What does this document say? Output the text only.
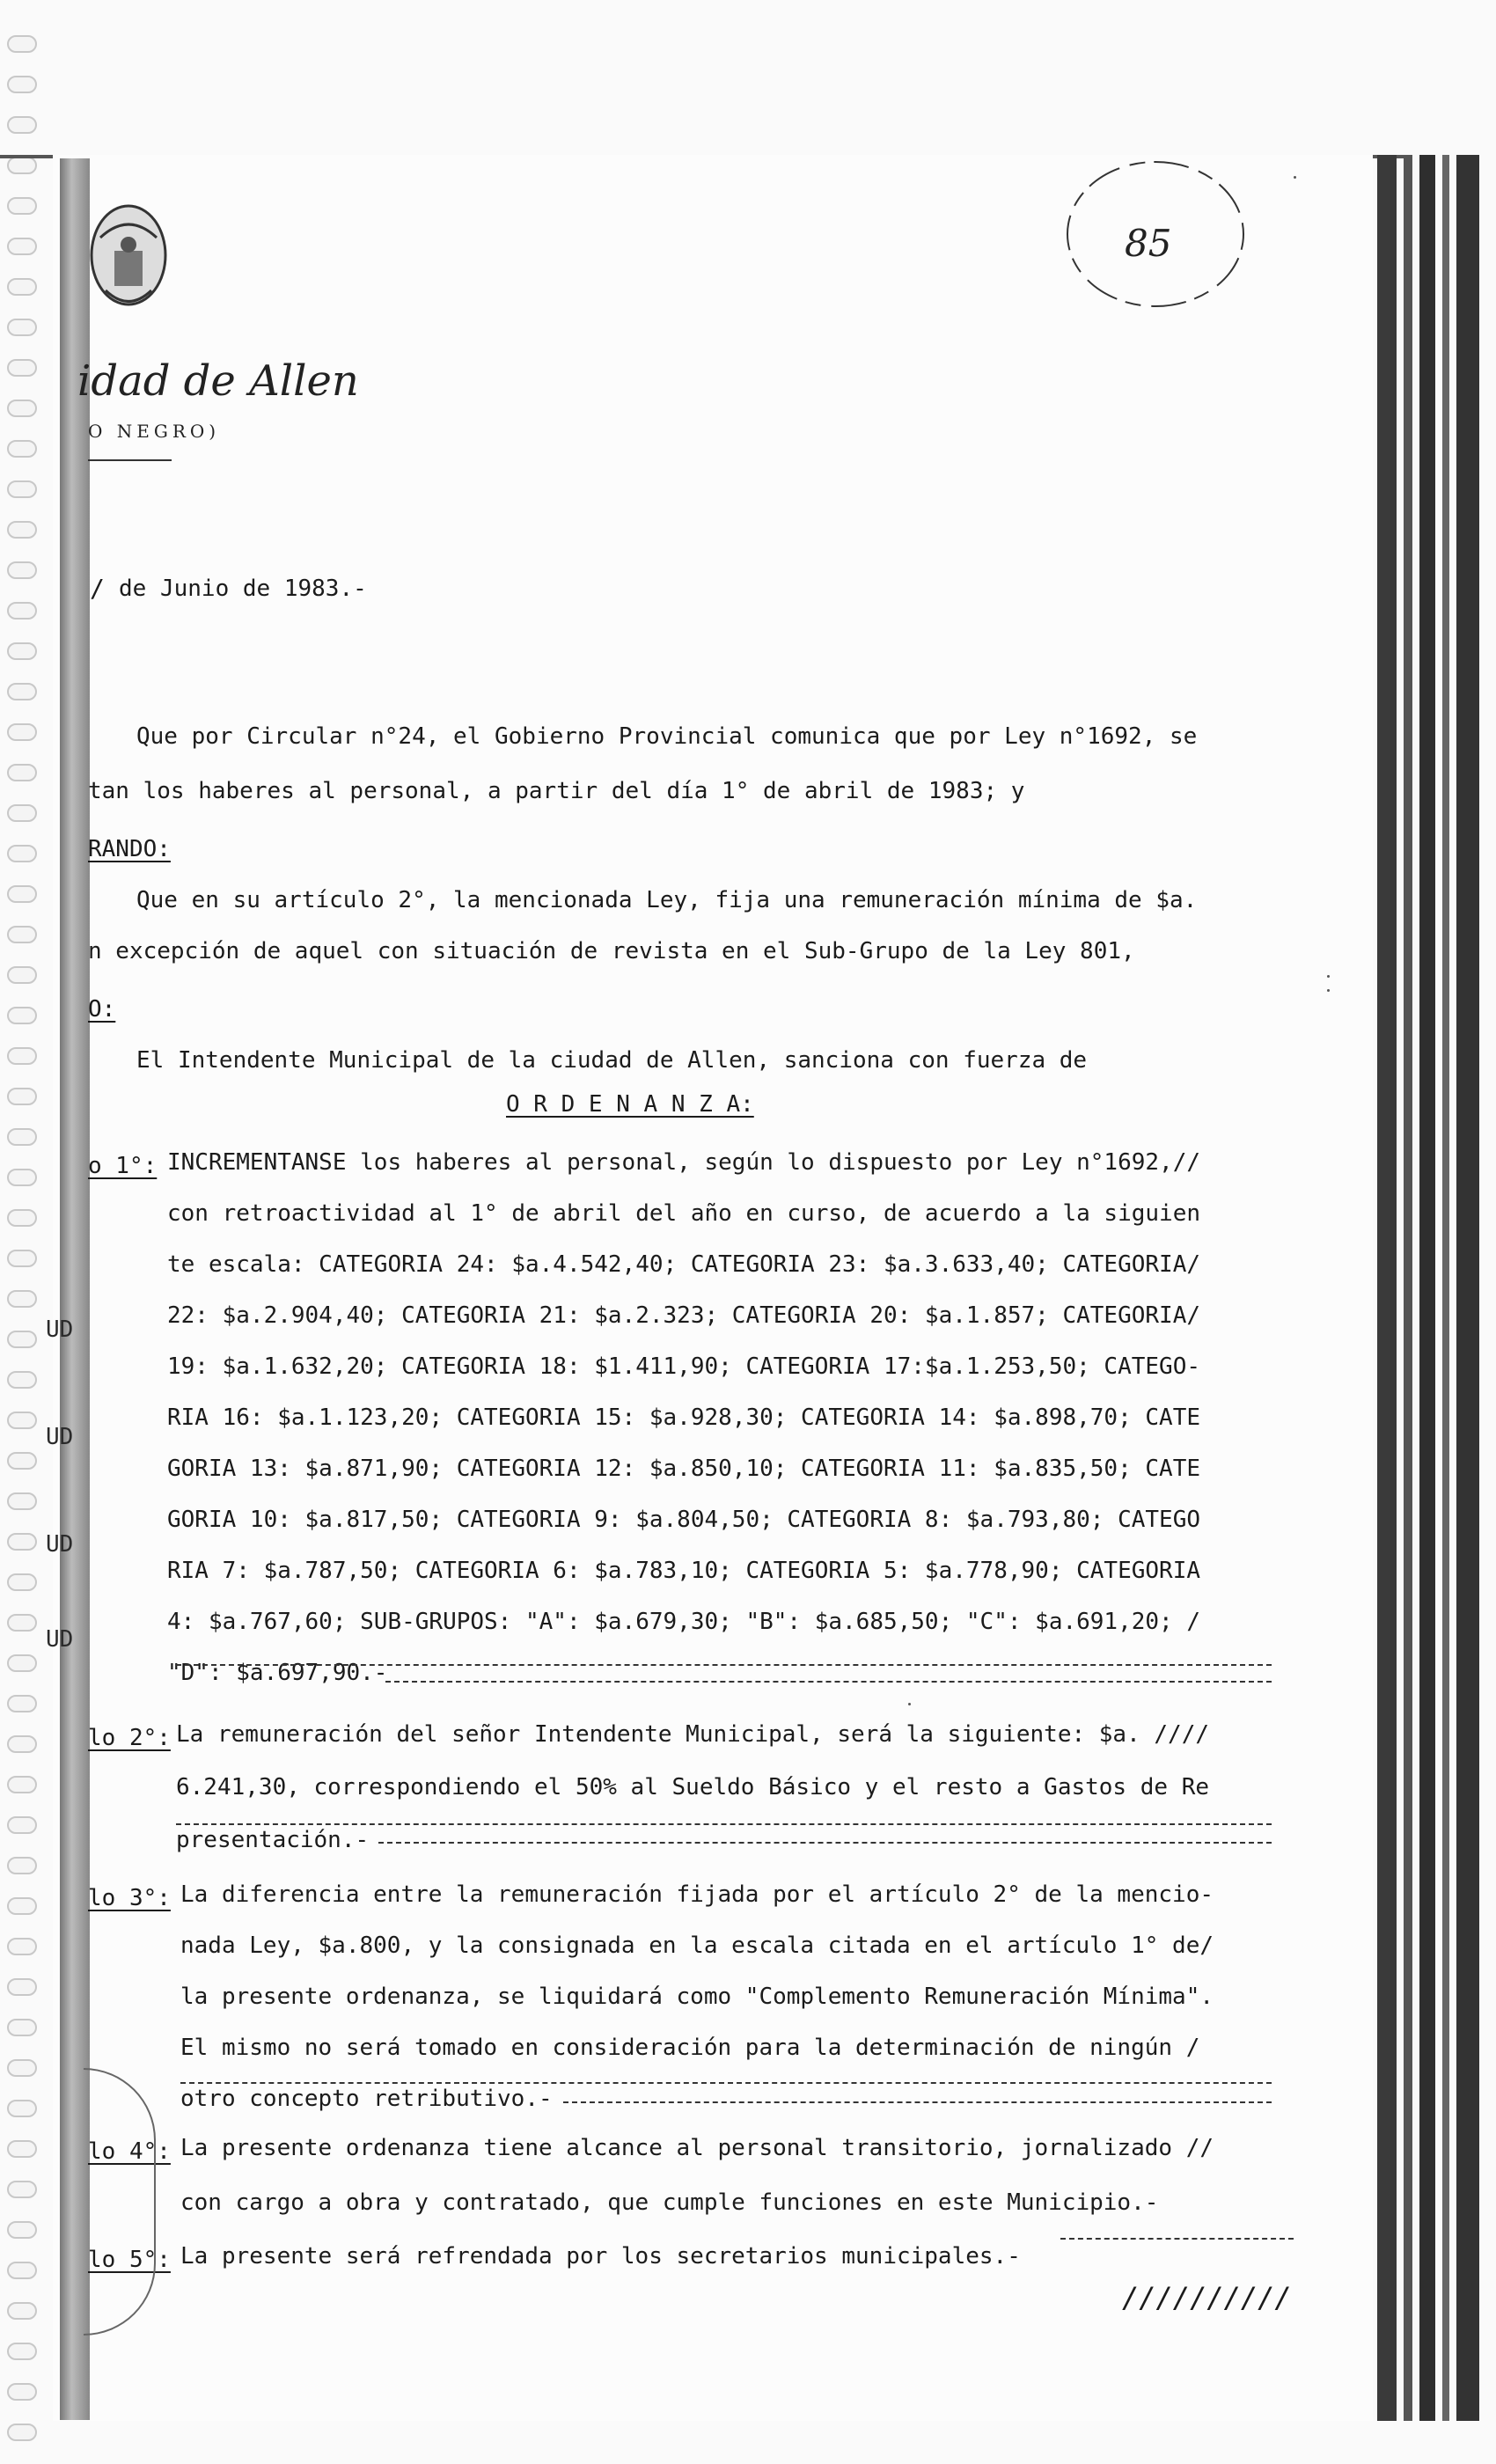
idad de Allen
O NEGRO)
85
/ de Junio de 1983.-
Que por Circular n°24, el Gobierno Provincial comunica que por Ley n°1692, se
tan los haberes al personal, a partir del día 1° de abril de 1983; y
RANDO:
Que en su artículo 2°, la mencionada Ley, fija una remuneración mínima de $a.
n excepción de aquel con situación de revista en el Sub-Grupo de la Ley 801,
O:
El Intendente Municipal de la ciudad de Allen, sanciona con fuerza de
O R D E N A N Z A:
o 1°: INCREMENTANSE los haberes al personal, según lo dispuesto por Ley n°1692,//
con retroactividad al 1° de abril del año en curso, de acuerdo a la siguien
te escala: CATEGORIA 24: $a.4.542,40; CATEGORIA 23: $a.3.633,40; CATEGORIA/
22: $a.2.904,40; CATEGORIA 21: $a.2.323; CATEGORIA 20: $a.1.857; CATEGORIA/
19: $a.1.632,20; CATEGORIA 18: $1.411,90; CATEGORIA 17:$a.1.253,50; CATEGO-
RIA 16: $a.1.123,20; CATEGORIA 15: $a.928,30; CATEGORIA 14: $a.898,70; CATE
GORIA 13: $a.871,90; CATEGORIA 12: $a.850,10; CATEGORIA 11: $a.835,50; CATE
GORIA 10: $a.817,50; CATEGORIA 9: $a.804,50; CATEGORIA 8: $a.793,80; CATEGO
RIA 7: $a.787,50; CATEGORIA 6: $a.783,10; CATEGORIA 5: $a.778,90; CATEGORIA
4: $a.767,60; SUB-GRUPOS: "A": $a.679,30; "B": $a.685,50; "C": $a.691,20; /
"D": $a.697,90.-
lo 2°: La remuneración del señor Intendente Municipal, será la siguiente: $a. ////
6.241,30, correspondiendo el 50% al Sueldo Básico y el resto a Gastos de Re
presentación.-
lo 3°: La diferencia entre la remuneración fijada por el artículo 2° de la mencio-
nada Ley, $a.800, y la consignada en la escala citada en el artículo 1° de/
la presente ordenanza, se liquidará como "Complemento Remuneración Mínima".
El mismo no será tomado en consideración para la determinación de ningún /
otro concepto retributivo.-
lo 4°: La presente ordenanza tiene alcance al personal transitorio, jornalizado //
con cargo a obra y contratado, que cumple funciones en este Municipio.-
lo 5°: La presente será refrendada por los secretarios municipales.-
//////////
UD
UD
UD
UD
